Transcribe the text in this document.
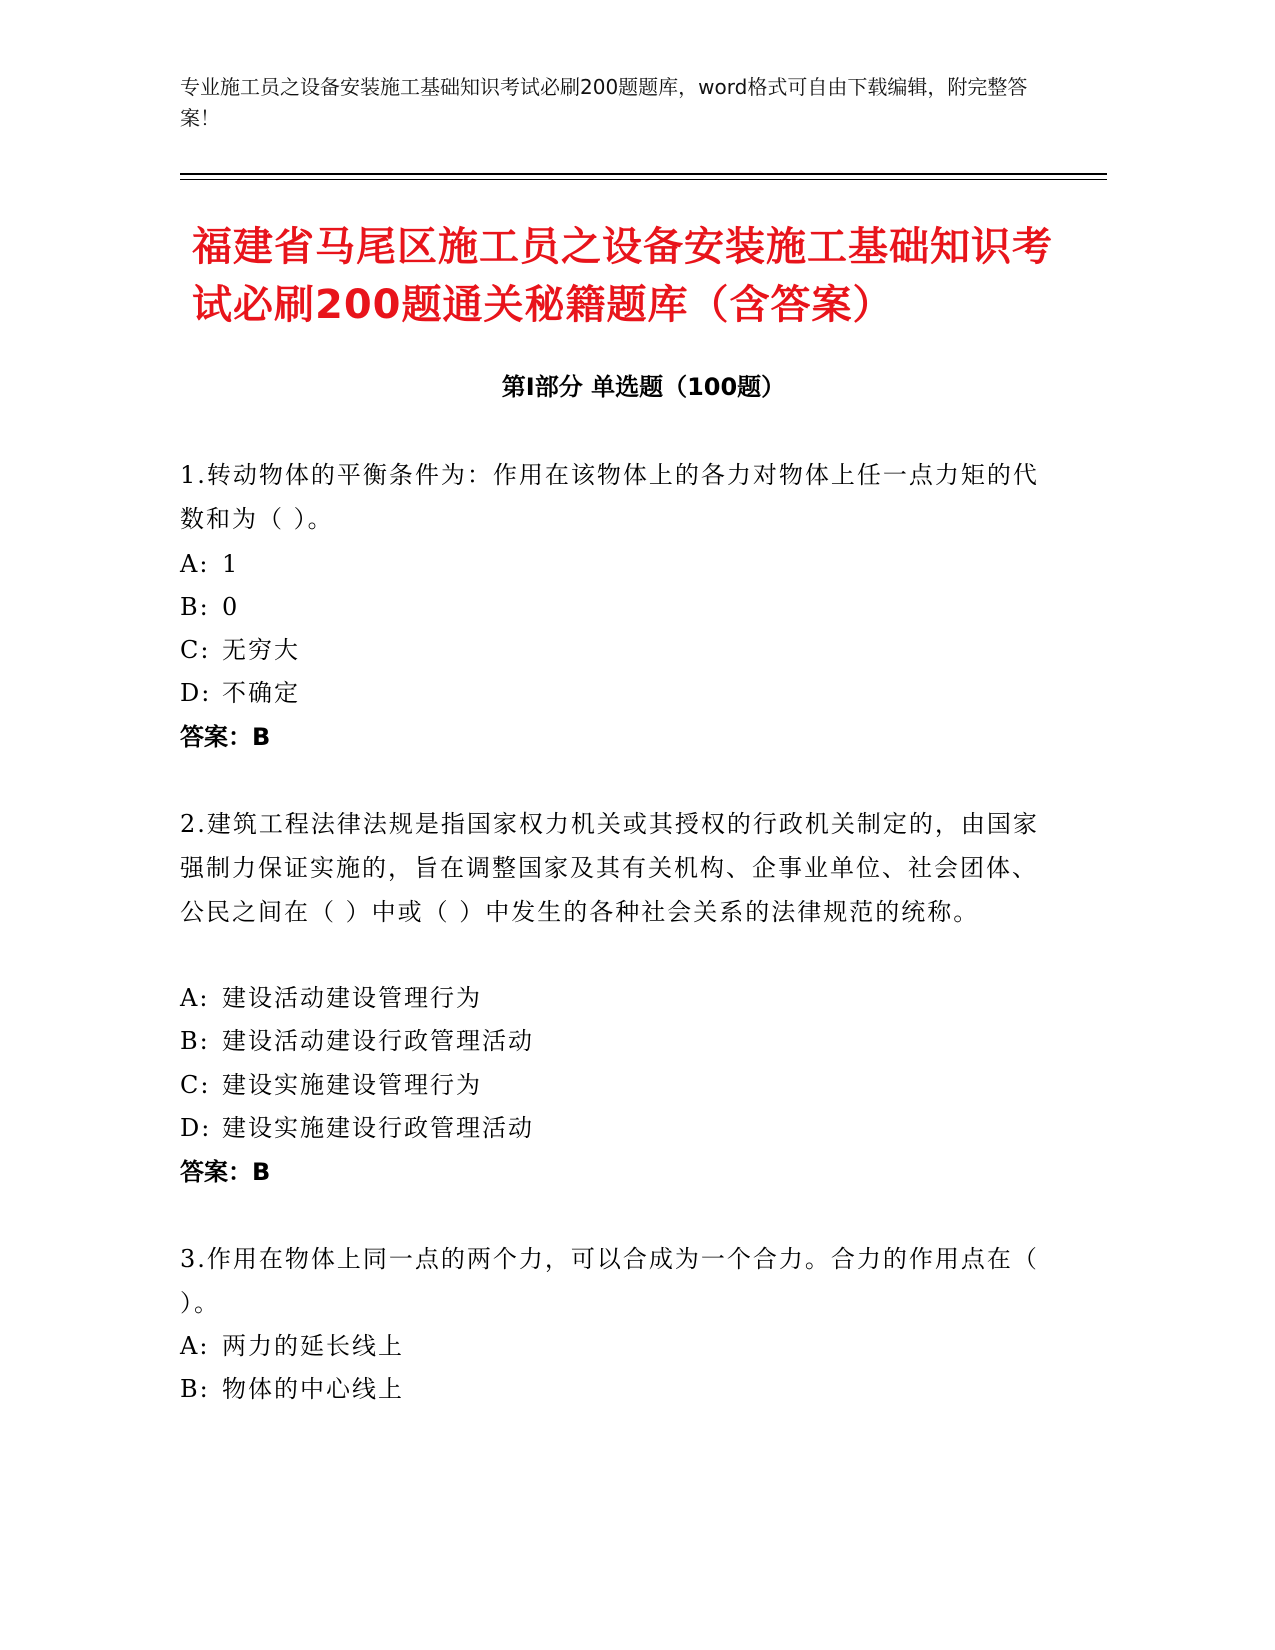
专业施工员之设备安装施工基础知识考试必刷200题题库，word格式可自由下载编辑，附完整答案！
福建省马尾区施工员之设备安装施工基础知识考试必刷200题通关秘籍题库（含答案）
第Ⅰ部分 单选题（100题）
1.转动物体的平衡条件为：作用在该物体上的各力对物体上任一点力矩的代数和为（ ）。
A: 1
B: 0
C: 无穷大
D: 不确定
答案：B
2.建筑工程法律法规是指国家权力机关或其授权的行政机关制定的，由国家强制力保证实施的，旨在调整国家及其有关机构、企事业单位、社会团体、公民之间在（ ）中或（ ）中发生的各种社会关系的法律规范的统称。
A: 建设活动建设管理行为
B: 建设活动建设行政管理活动
C: 建设实施建设管理行为
D: 建设实施建设行政管理活动
答案：B
3.作用在物体上同一点的两个力，可以合成为一个合力。合力的作用点在（ ）。
A: 两力的延长线上
B: 物体的中心线上
